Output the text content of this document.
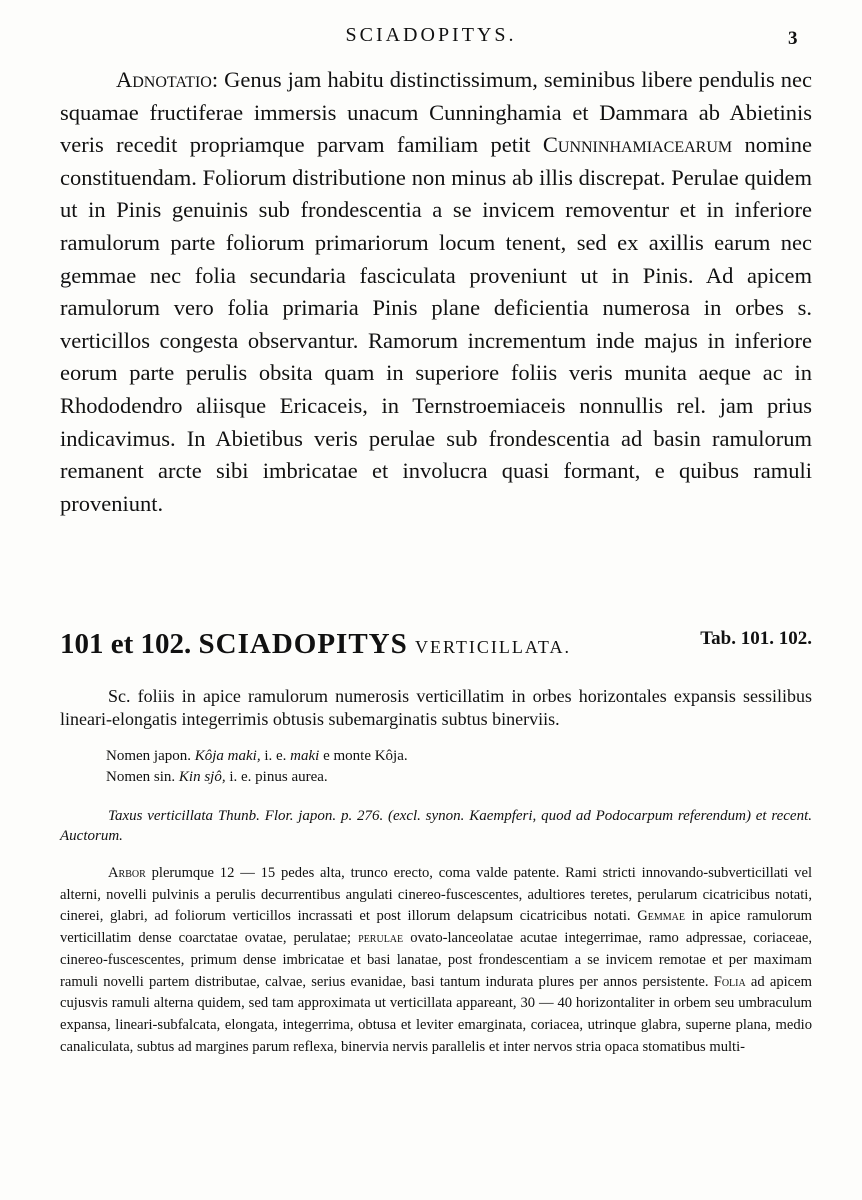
SCIADOPITYS.	3

Adnotatio: Genus jam habitu distinctissimum, seminibus libere pendulis nec squamae fructiferae immersis unacum Cunninghamia et Dammara ab Abietinis veris recedit propriamque parvam familiam petit Cunninhamiacearum nomine constituendam. Foliorum distributione non minus ab illis discrepat. Perulae quidem ut in Pinis genuinis sub frondescentia a se invicem removentur et in inferiore ramulorum parte foliorum primariorum locum tenent, sed ex axillis earum nec gemmae nec folia secundaria fasciculata proveniunt ut in Pinis. Ad apicem ramulorum vero folia primaria Pinis plane deficientia numerosa in orbes s. verticillos congesta observantur. Ramorum incrementum inde majus in inferiore eorum parte perulis obsita quam in superiore foliis veris munita aeque ac in Rhododendro aliisque Ericaceis, in Ternstroemiaceis nonnullis rel. jam prius indicavimus. In Abietibus veris perulae sub frondescentia ad basin ramulorum remanent arcte sibi imbricatae et involucra quasi formant, e quibus ramuli proveniunt.

101 et 102. SCIADOPITYS VERTICILLATA.	Tab. 101. 102.

Sc. foliis in apice ramulorum numerosis verticillatim in orbes horizontales expansis sessilibus lineari-elongatis integerrimis obtusis subemarginatis subtus binerviis.

Nomen japon. Kôja maki, i. e. maki e monte Kôja.
Nomen sin. Kin sjô, i. e. pinus aurea.

Taxus verticillata Thunb. Flor. japon. p. 276. (excl. synon. Kaempferi, quod ad Podocarpum referendum) et recent. Auctorum.

Arbor plerumque 12 — 15 pedes alta, trunco erecto, coma valde patente. Rami stricti innovando-subverticillati vel alterni, novelli pulvinis a perulis decurrentibus angulati cinereo-fuscescentes, adultiores teretes, perularum cicatricibus notati, cinerei, glabri, ad foliorum verticillos incrassati et post illorum delapsum cicatricibus notati. Gemmae in apice ramulorum verticillatim dense coarctatae ovatae, perulatae; perulae ovato-lanceolatae acutae integerrimae, ramo adpressae, coriaceae, cinereo-fuscescentes, primum dense imbricatae et basi lanatae, post frondescentiam a se invicem remotae et per maximam ramuli novelli partem distributae, calvae, serius evanidae, basi tantum indurata plures per annos persistente. Folia ad apicem cujusvis ramuli alterna quidem, sed tam approximata ut verticillata appareant, 30 — 40 horizontaliter in orbem seu umbraculum expansa, lineari-subfalcata, elongata, integerrima, obtusa et leviter emarginata, coriacea, utrinque glabra, superne plana, medio canaliculata, subtus ad margines parum reflexa, binervia nervis parallelis et inter nervos stria opaca stomatibus multi-
